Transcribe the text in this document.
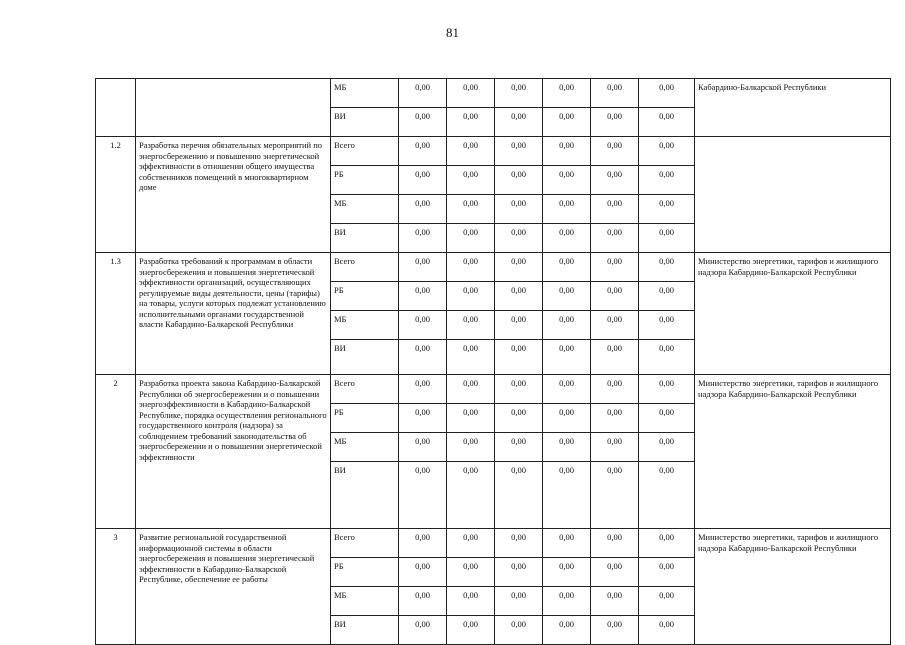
81
		МБ	0,00	0,00	0,00	0,00	0,00	0,00	Кабардино-Балкарской Республики
		ВИ	0,00	0,00	0,00	0,00	0,00	0,00	
1.2	Разработка перечня обязательных мероприятий по энергосбережению и повышению энергетической эффективности в отношении общего имущества собственников помещений в многоквартирном доме	Всего	0,00	0,00	0,00	0,00	0,00	0,00	
		РБ	0,00	0,00	0,00	0,00	0,00	0,00	
		МБ	0,00	0,00	0,00	0,00	0,00	0,00	
		ВИ	0,00	0,00	0,00	0,00	0,00	0,00	
1.3	Разработка требований к программам в области энергосбережения и повышения энергетической эффективности организаций, осуществляющих регулируемые виды деятельности, цены (тарифы) на товары, услуги которых подлежат установлению исполнительными органами государственной власти Кабардино-Балкарской Республики	Всего	0,00	0,00	0,00	0,00	0,00	0,00	Министерство энергетики, тарифов и жилищного надзора Кабардино-Балкарской Республики
		РБ	0,00	0,00	0,00	0,00	0,00	0,00	
		МБ	0,00	0,00	0,00	0,00	0,00	0,00	
		ВИ	0,00	0,00	0,00	0,00	0,00	0,00	
2	Разработка проекта закона Кабардино-Балкарской Республики об энергосбережении и о повышении энергоэффективности в Кабардино-Балкарской Республике, порядка осуществления регионального государственного контроля (надзора) за соблюдением требований законодательства об энергосбережении и о повышении энергетической эффективности	Всего	0,00	0,00	0,00	0,00	0,00	0,00	Министерство энергетики, тарифов и жилищного надзора Кабардино-Балкарской Республики
		РБ	0,00	0,00	0,00	0,00	0,00	0,00	
		МБ	0,00	0,00	0,00	0,00	0,00	0,00	
		ВИ	0,00	0,00	0,00	0,00	0,00	0,00	
3	Развитие региональной государственной информационной системы в области энергосбережения и повышения энергетической эффективности в Кабардино-Балкарской Республике, обеспечение ее работы	Всего	0,00	0,00	0,00	0,00	0,00	0,00	Министерство энергетики, тарифов и жилищного надзора Кабардино-Балкарской Республики
		РБ	0,00	0,00	0,00	0,00	0,00	0,00	
		МБ	0,00	0,00	0,00	0,00	0,00	0,00	
		ВИ	0,00	0,00	0,00	0,00	0,00	0,00	
